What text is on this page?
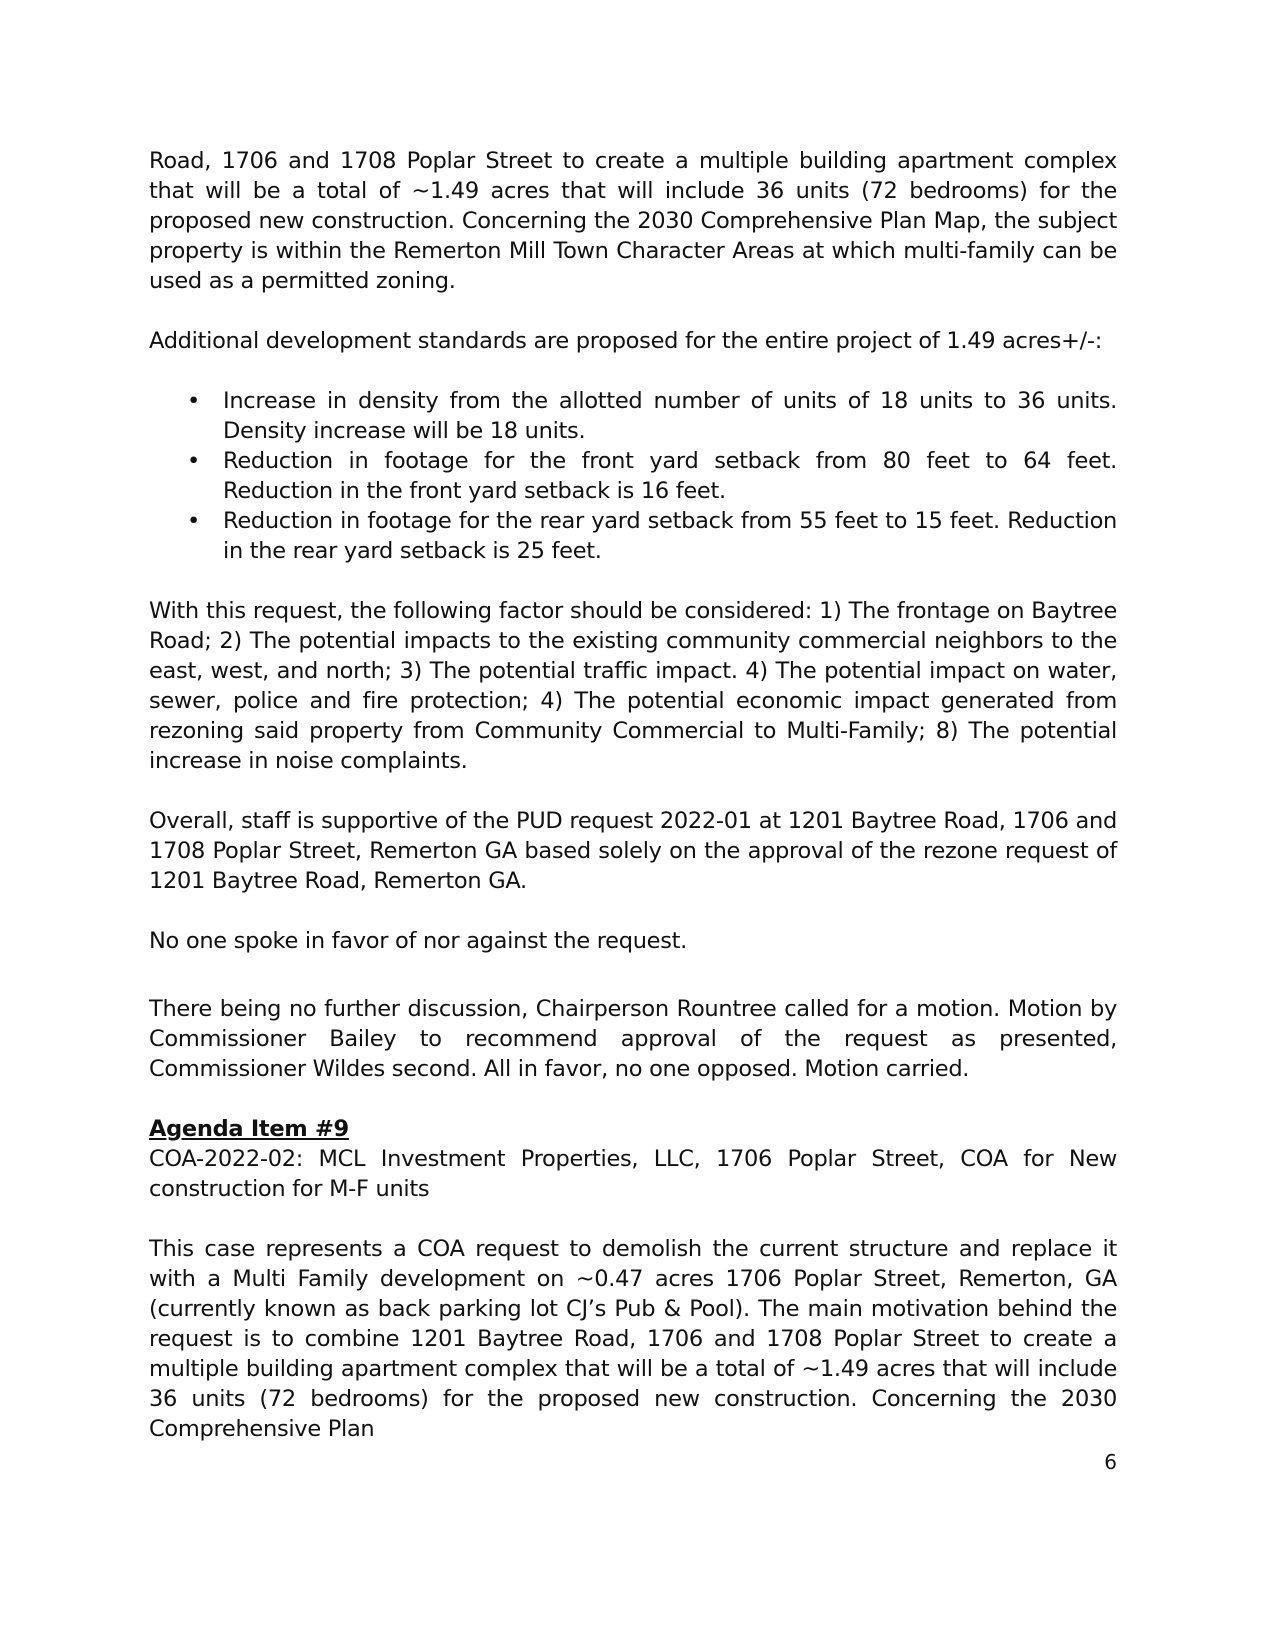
Road, 1706 and 1708 Poplar Street to create a multiple building apartment complex that will be a total of ~1.49 acres that will include 36 units (72 bedrooms) for the proposed new construction. Concerning the 2030 Comprehensive Plan Map, the subject property is within the Remerton Mill Town Character Areas at which multi-family can be used as a permitted zoning.

Additional development standards are proposed for the entire project of 1.49 acres+/-:

• Increase in density from the allotted number of units of 18 units to 36 units. Density increase will be 18 units.
• Reduction in footage for the front yard setback from 80 feet to 64 feet. Reduction in the front yard setback is 16 feet.
• Reduction in footage for the rear yard setback from 55 feet to 15 feet. Reduction in the rear yard setback is 25 feet.

With this request, the following factor should be considered: 1) The frontage on Baytree Road; 2) The potential impacts to the existing community commercial neighbors to the east, west, and north; 3) The potential traffic impact. 4) The potential impact on water, sewer, police and fire protection; 4) The potential economic impact generated from rezoning said property from Community Commercial to Multi-Family; 8) The potential increase in noise complaints.

Overall, staff is supportive of the PUD request 2022-01 at 1201 Baytree Road, 1706 and 1708 Poplar Street, Remerton GA based solely on the approval of the rezone request of 1201 Baytree Road, Remerton GA.

No one spoke in favor of nor against the request.

There being no further discussion, Chairperson Rountree called for a motion. Motion by Commissioner Bailey to recommend approval of the request as presented, Commissioner Wildes second. All in favor, no one opposed. Motion carried.

Agenda Item #9

COA-2022-02: MCL Investment Properties, LLC, 1706 Poplar Street, COA for New construction for M-F units

This case represents a COA request to demolish the current structure and replace it with a Multi Family development on ~0.47 acres 1706 Poplar Street, Remerton, GA (currently known as back parking lot CJ’s Pub & Pool). The main motivation behind the request is to combine 1201 Baytree Road, 1706 and 1708 Poplar Street to create a multiple building apartment complex that will be a total of ~1.49 acres that will include 36 units (72 bedrooms) for the proposed new construction. Concerning the 2030 Comprehensive Plan

6
